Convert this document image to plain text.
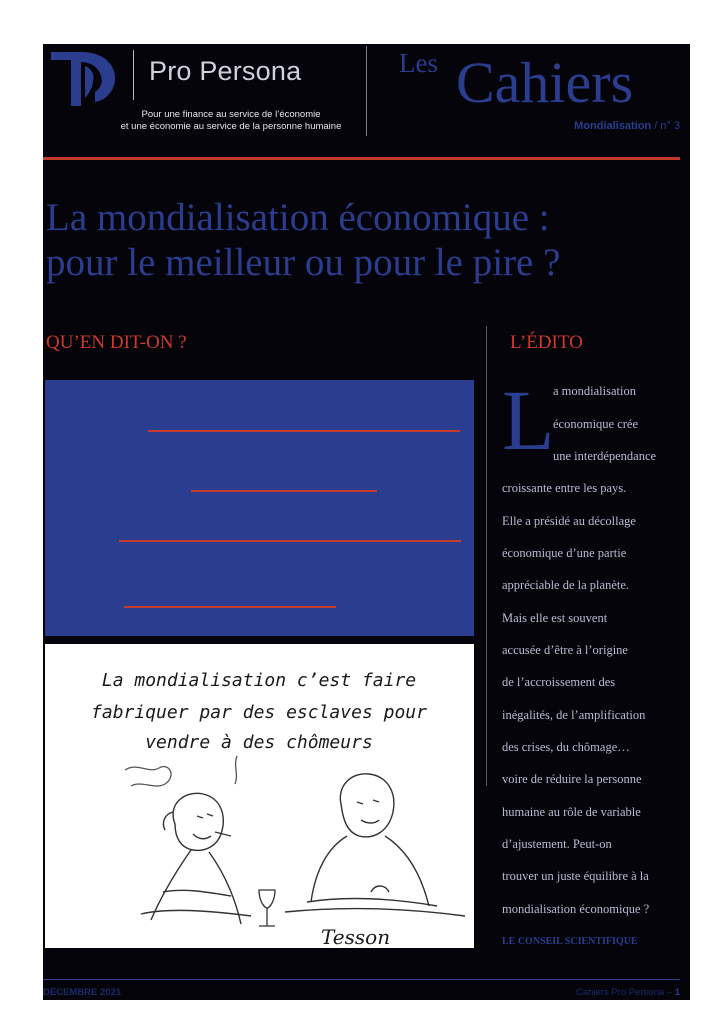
Pro Persona
Pour une finance au service de l’économie
et une économie au service de la personne humaine
Les Cahiers
Mondialisation / n° 3
La mondialisation économique :
pour le meilleur ou pour le pire ?
QU’EN DIT-ON ?	L’ÉDITO
La mondialisation c’est faire
fabriquer par des esclaves pour
vendre à des chômeurs
Tesson
L
a mondialisation
économique crée
une interdépendance
croissante entre les pays.
Elle a présidé au décollage
économique d’une partie
appréciable de la planète.
Mais elle est souvent
accusée d’être à l’origine
de l’accroissement des
inégalités, de l’amplification
des crises, du chômage…
voire de réduire la personne
humaine au rôle de variable
d’ajustement. Peut-on
trouver un juste équilibre à la
mondialisation économique ?
LE CONSEIL SCIENTIFIQUE
DÉCEMBRE 2021	Cahiers Pro Persona – 1
